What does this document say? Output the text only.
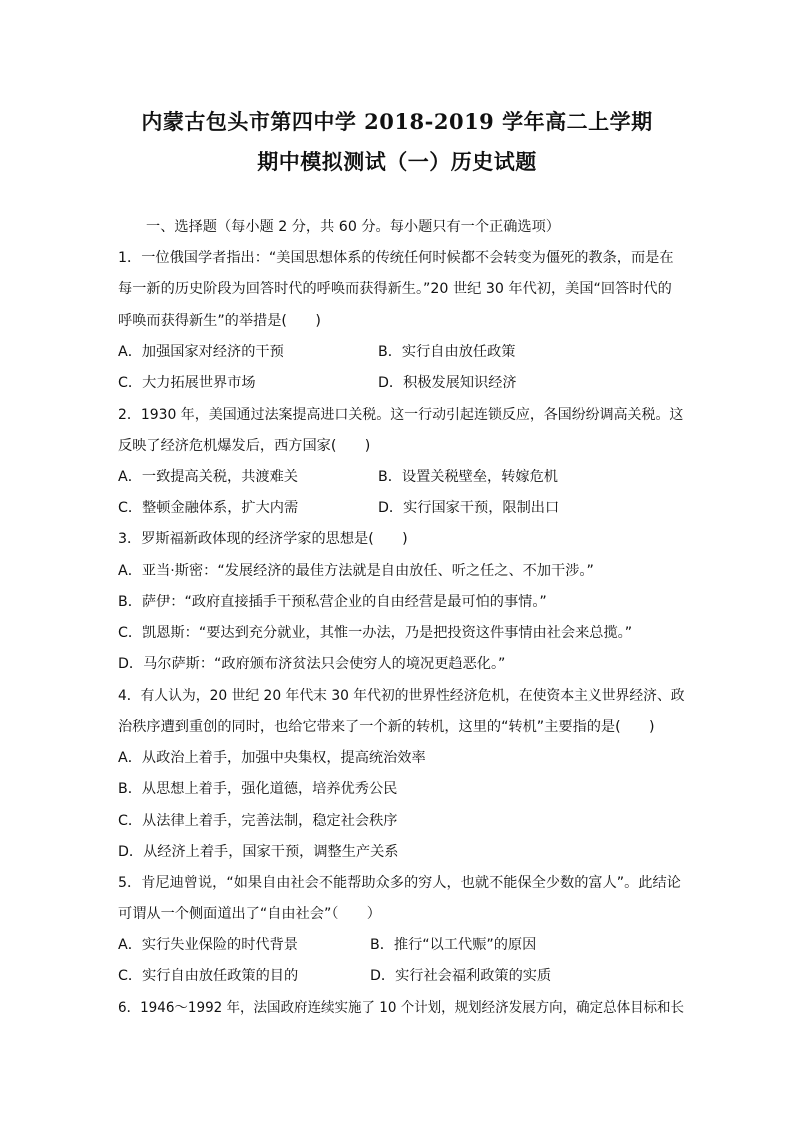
内蒙古包头市第四中学 2018-2019 学年高二上学期
期中模拟测试（一）历史试题
一、选择题（每小题 2 分，共 60 分。每小题只有一个正确选项）
1．一位俄国学者指出：“美国思想体系的传统任何时候都不会转变为僵死的教条，而是在
每一新的历史阶段为回答时代的呼唤而获得新生。”20 世纪 30 年代初，美国“回答时代的
呼唤而获得新生”的举措是(　　)
A．加强国家对经济的干预	B．实行自由放任政策
C．大力拓展世界市场	D．积极发展知识经济
2．1930 年，美国通过法案提高进口关税。这一行动引起连锁反应，各国纷纷调高关税。这
反映了经济危机爆发后，西方国家(　　)
A．一致提高关税，共渡难关	B．设置关税壁垒，转嫁危机
C．整顿金融体系，扩大内需	D．实行国家干预，限制出口
3．罗斯福新政体现的经济学家的思想是(　　)
A．亚当·斯密：“发展经济的最佳方法就是自由放任、听之任之、不加干涉。”
B．萨伊：“政府直接插手干预私营企业的自由经营是最可怕的事情。”
C．凯恩斯：“要达到充分就业，其惟一办法，乃是把投资这件事情由社会来总揽。”
D．马尔萨斯：“政府颁布济贫法只会使穷人的境况更趋恶化。”
4．有人认为，20 世纪 20 年代末 30 年代初的世界性经济危机，在使资本主义世界经济、政
治秩序遭到重创的同时，也给它带来了一个新的转机，这里的“转机”主要指的是(　　)
A．从政治上着手，加强中央集权，提高统治效率
B．从思想上着手，强化道德，培养优秀公民
C．从法律上着手，完善法制，稳定社会秩序
D．从经济上着手，国家干预，调整生产关系
5．肯尼迪曾说，“如果自由社会不能帮助众多的穷人，也就不能保全少数的富人”。此结论
可谓从一个侧面道出了“自由社会”（　　）
A．实行失业保险的时代背景	B．推行“以工代赈”的原因
C．实行自由放任政策的目的	D．实行社会福利政策的实质
6．1946～1992 年，法国政府连续实施了 10 个计划，规划经济发展方向，确定总体目标和长
